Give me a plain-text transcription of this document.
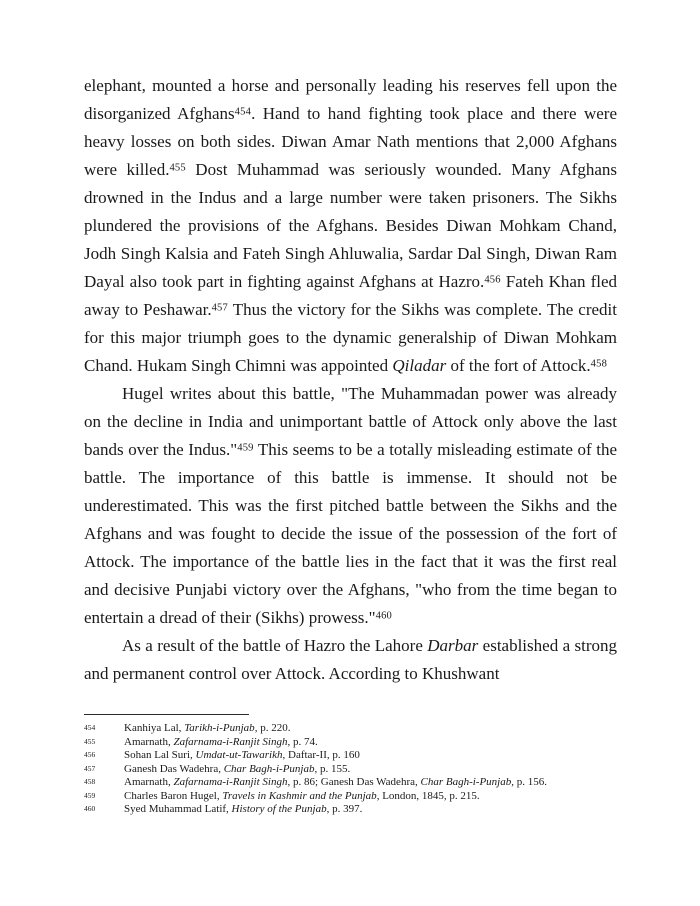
elephant, mounted a horse and personally leading his reserves fell upon the disorganized Afghans$^{454}$. Hand to hand fighting took place and there were heavy losses on both sides. Diwan Amar Nath mentions that 2,000 Afghans were killed.$^{455}$ Dost Muhammad was seriously wounded. Many Afghans drowned in the Indus and a large number were taken prisoners. The Sikhs plundered the provisions of the Afghans. Besides Diwan Mohkam Chand, Jodh Singh Kalsia and Fateh Singh Ahluwalia, Sardar Dal Singh, Diwan Ram Dayal also took part in fighting against Afghans at Hazro.$^{456}$ Fateh Khan fled away to Peshawar.$^{457}$ Thus the victory for the Sikhs was complete. The credit for this major triumph goes to the dynamic generalship of Diwan Mohkam Chand. Hukam Singh Chimni was appointed Qiladar of the fort of Attock.$^{458}$

Hugel writes about this battle, "The Muhammadan power was already on the decline in India and unimportant battle of Attock only above the last bands over the Indus."$^{459}$ This seems to be a totally misleading estimate of the battle. The importance of this battle is immense. It should not be underestimated. This was the first pitched battle between the Sikhs and the Afghans and was fought to decide the issue of the possession of the fort of Attock. The importance of the battle lies in the fact that it was the first real and decisive Punjabi victory over the Afghans, "who from the time began to entertain a dread of their (Sikhs) prowess."$^{460}$

As a result of the battle of Hazro the Lahore Darbar established a strong and permanent control over Attock. According to Khushwant

454	Kanhiya Lal, Tarikh-i-Punjab, p. 220.
455	Amarnath, Zafarnama-i-Ranjit Singh, p. 74.
456	Sohan Lal Suri, Umdat-ut-Tawarikh, Daftar-II, p. 160
457	Ganesh Das Wadehra, Char Bagh-i-Punjab, p. 155.
458	Amarnath, Zafarnama-i-Ranjit Singh, p. 86; Ganesh Das Wadehra, Char Bagh-i-Punjab, p. 156.
459	Charles Baron Hugel, Travels in Kashmir and the Punjab, London, 1845, p. 215.
460	Syed Muhammad Latif, History of the Punjab, p. 397.
